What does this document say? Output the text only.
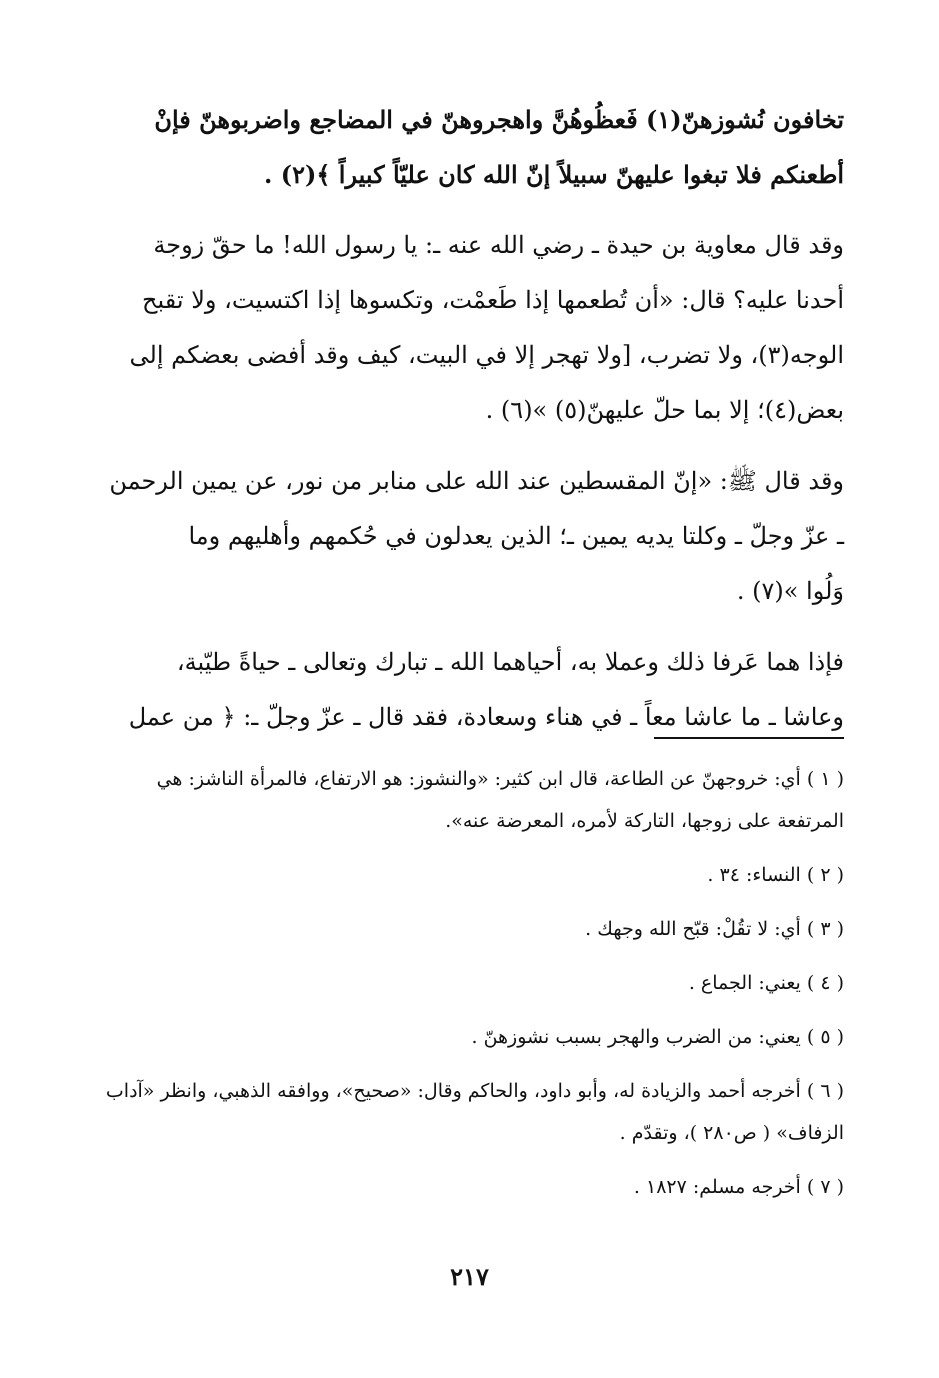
تخافون نُشوزهنّ(١) فَعظُوهُنَّ واهجروهنّ في المضاجع واضربوهنّ فإنْ

أطعنكم فلا تبغوا عليهنّ سبيلاً إنّ الله كان عليّاً كبيراً ﴾(٢) .

وقد قال معاوية بن حيدة ـ رضي الله عنه ـ: يا رسول الله! ما حقّ زوجة

أحدنا عليه؟ قال: «أن تُطعمها إذا طَعمْت، وتكسوها إذا اكتسيت، ولا تقبح

الوجه(٣)، ولا تضرب، [ولا تهجر إلا في البيت، كيف وقد أفضى بعضكم إلى

بعض(٤)؛ إلا بما حلّ عليهنّ(٥) »(٦) .

وقد قال ﷺ: «إنّ المقسطين عند الله على منابر من نور، عن يمين الرحمن

ـ عزّ وجلّ ـ وكلتا يديه يمين ـ؛ الذين يعدلون في حُكمهم وأهليهم وما

وَلُوا »(٧) .

فإذا هما عَرفا ذلك وعملا به، أحياهما الله ـ تبارك وتعالى ـ حياةً طيّبة،

وعاشا ـ ما عاشا معاً ـ في هناء وسعادة، فقد قال ـ عزّ وجلّ ـ: ﴿ من عمل

( ١ ) أي: خروجهنّ عن الطاعة، قال ابن كثير: «والنشوز: هو الارتفاع، فالمرأة الناشز: هي المرتفعة على زوجها، التاركة لأمره، المعرضة عنه».
( ٢ ) النساء: ٣٤ .
( ٣ ) أي: لا تقُلْ: قبّح الله وجهك .
( ٤ ) يعني: الجماع .
( ٥ ) يعني: من الضرب والهجر بسبب نشوزهنّ .
( ٦ ) أخرجه أحمد والزيادة له، وأبو داود، والحاكم وقال: «صحيح»، ووافقه الذهبي، وانظر «آداب الزفاف» ( ص٢٨٠ )، وتقدّم .
( ٧ ) أخرجه مسلم: ١٨٢٧ .
٢١٧
